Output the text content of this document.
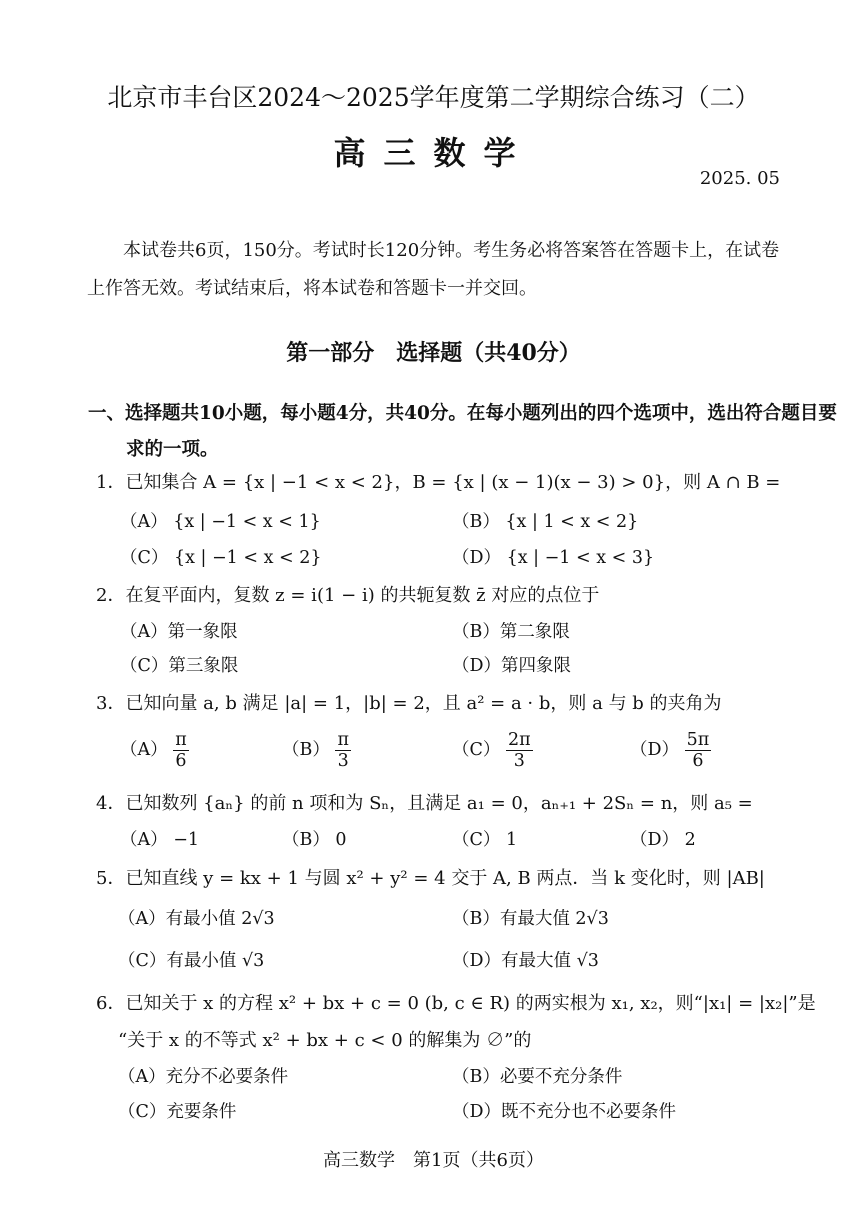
北京市丰台区2024～2025学年度第二学期综合练习（二）
高三数学
2025. 05
本试卷共6页，150分。考试时长120分钟。考生务必将答案答在答题卡上，在试卷上作答无效。考试结束后，将本试卷和答题卡一并交回。
第一部分　选择题（共40分）
一、选择题共10小题，每小题4分，共40分。在每小题列出的四个选项中，选出符合题目要求的一项。
1．已知集合 A = {x | −1 < x < 2}，B = {x | (x − 1)(x − 3) > 0}，则 A ∩ B =
（A） {x | −1 < x < 1}	（B） {x | 1 < x < 2}
（C） {x | −1 < x < 2}	（D） {x | −1 < x < 3}
2．在复平面内，复数 z = i(1 − i) 的共轭复数 z̄ 对应的点位于
（A）第一象限	（B）第二象限
（C）第三象限	（D）第四象限
3．已知向量 a, b 满足 |a| = 1，|b| = 2，且 a² = a · b，则 a 与 b 的夹角为
$(A) \frac{\pi}{6}$	$(B) \frac{\pi}{3}$	$(C) \frac{2\pi}{3}$	$(D) \frac{5\pi}{6}$
4．已知数列 {aₙ} 的前 n 项和为 Sₙ，且满足 a₁ = 0，aₙ₊₁ + 2Sₙ = n，则 a₅ =
（A） −1	（B） 0	（C） 1	（D） 2
5．已知直线 y = kx + 1 与圆 x² + y² = 4 交于 A, B 两点．当 k 变化时，则 |AB|
（A）有最小值 2√3	（B）有最大值 2√3
（C）有最小值 √3	（D）有最大值 √3
6．已知关于 x 的方程 x² + bx + c = 0 (b, c ∈ R) 的两实根为 x₁, x₂，则“|x₁| = |x₂|”是
“关于 x 的不等式 x² + bx + c < 0 的解集为 ∅”的
（A）充分不必要条件	（B）必要不充分条件
（C）充要条件	（D）既不充分也不必要条件
高三数学　第1页（共6页）
